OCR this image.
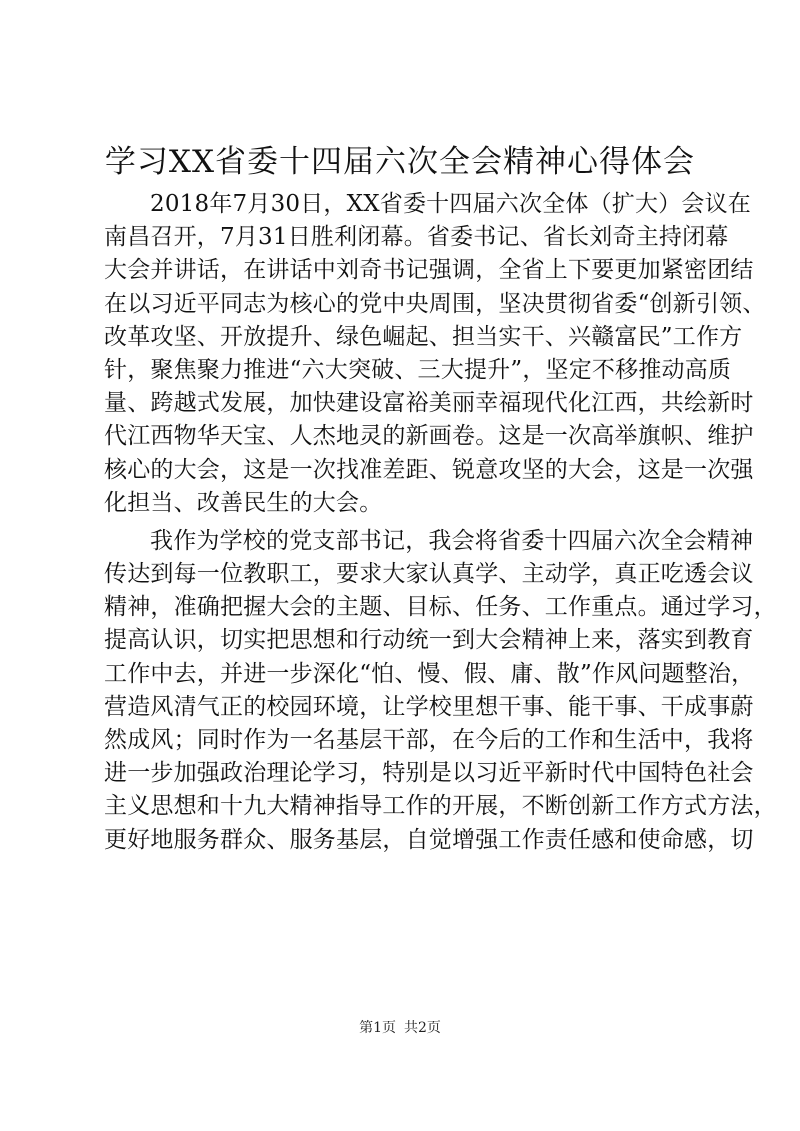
学习XX省委十四届六次全会精神心得体会
2018年7月30日，XX省委十四届六次全体（扩大）会议在
南昌召开，7月31日胜利闭幕。省委书记、省长刘奇主持闭幕
大会并讲话，在讲话中刘奇书记强调，全省上下要更加紧密团结
在以习近平同志为核心的党中央周围，坚决贯彻省委“创新引领、
改革攻坚、开放提升、绿色崛起、担当实干、兴赣富民”工作方
针，聚焦聚力推进“六大突破、三大提升”，坚定不移推动高质
量、跨越式发展，加快建设富裕美丽幸福现代化江西，共绘新时
代江西物华天宝、人杰地灵的新画卷。这是一次高举旗帜、维护
核心的大会，这是一次找准差距、锐意攻坚的大会，这是一次强
化担当、改善民生的大会。
我作为学校的党支部书记，我会将省委十四届六次全会精神
传达到每一位教职工，要求大家认真学、主动学，真正吃透会议
精神，准确把握大会的主题、目标、任务、工作重点。通过学习，
提高认识，切实把思想和行动统一到大会精神上来，落实到教育
工作中去，并进一步深化“怕、慢、假、庸、散”作风问题整治，
营造风清气正的校园环境，让学校里想干事、能干事、干成事蔚
然成风；同时作为一名基层干部，在今后的工作和生活中，我将
进一步加强政治理论学习，特别是以习近平新时代中国特色社会
主义思想和十九大精神指导工作的开展，不断创新工作方式方法，
更好地服务群众、服务基层，自觉增强工作责任感和使命感，切
第1页 共2页
